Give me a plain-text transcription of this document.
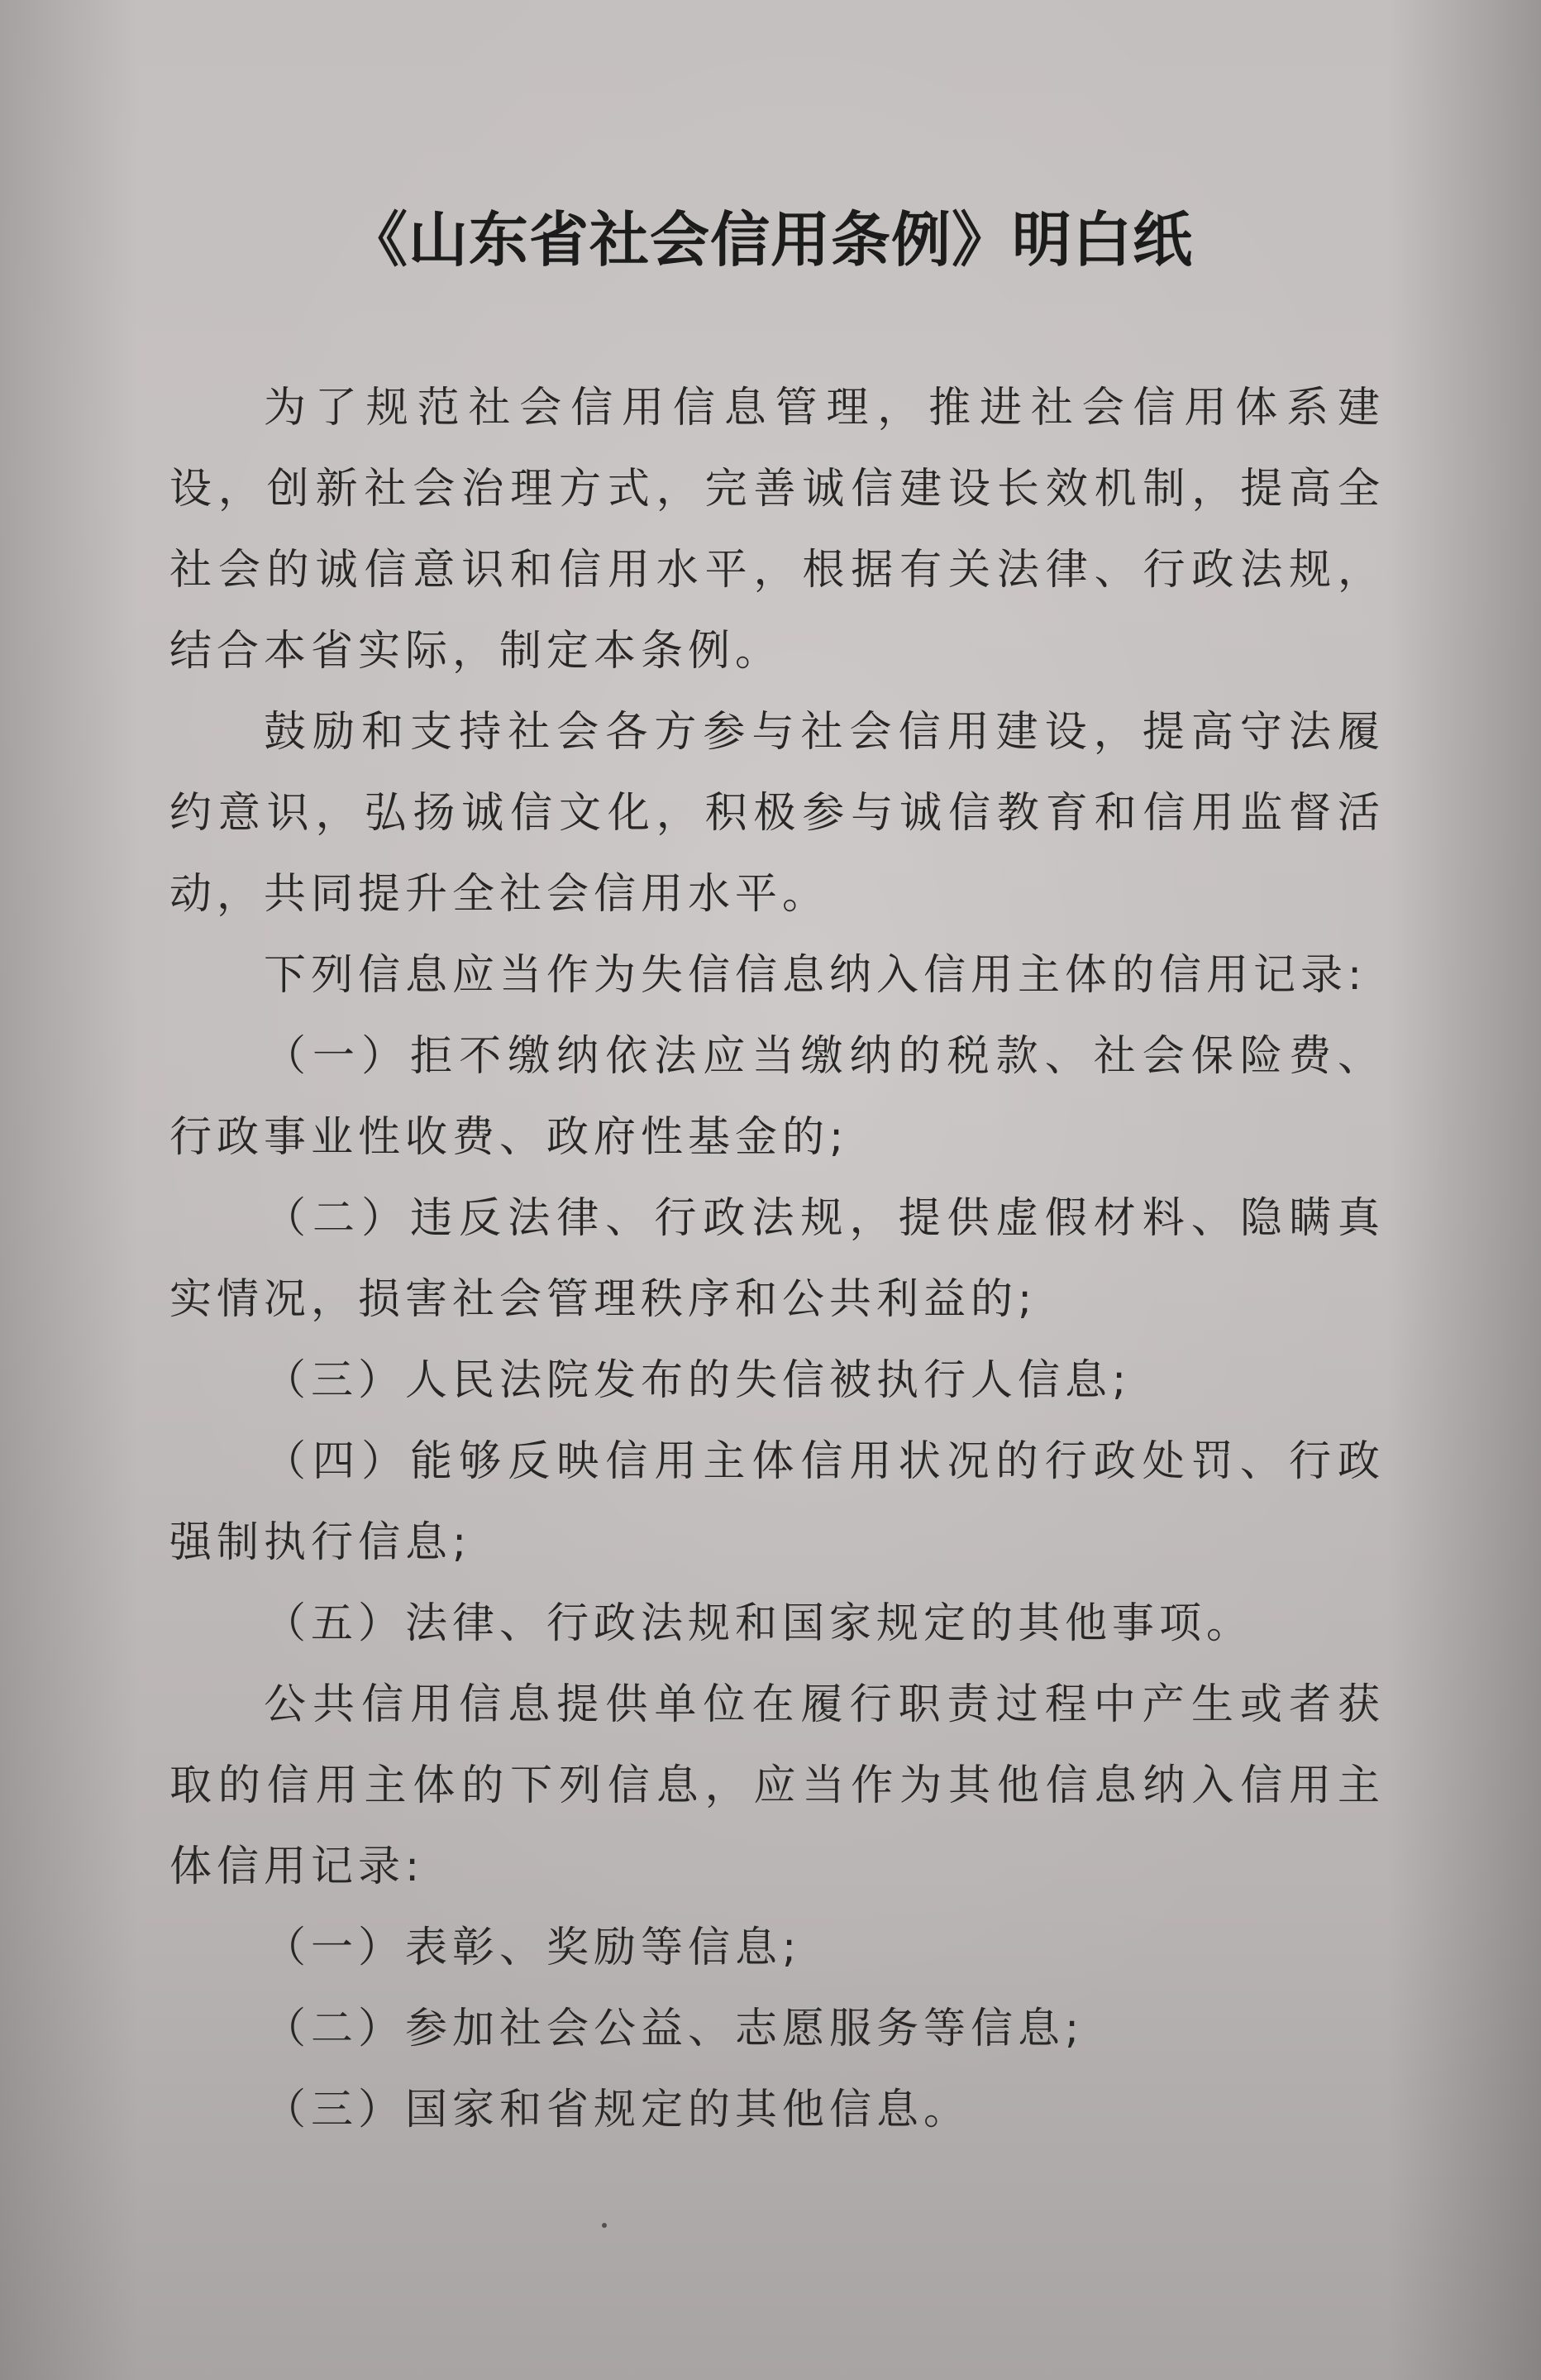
《山东省社会信用条例》明白纸

为了规范社会信用信息管理，推进社会信用体系建设，创新社会治理方式，完善诚信建设长效机制，提高全社会的诚信意识和信用水平，根据有关法律、行政法规，结合本省实际，制定本条例。

鼓励和支持社会各方参与社会信用建设，提高守法履约意识，弘扬诚信文化，积极参与诚信教育和信用监督活动，共同提升全社会信用水平。

下列信息应当作为失信信息纳入信用主体的信用记录:

（一）拒不缴纳依法应当缴纳的税款、社会保险费、行政事业性收费、政府性基金的;

（二）违反法律、行政法规，提供虚假材料、隐瞒真实情况，损害社会管理秩序和公共利益的;

（三）人民法院发布的失信被执行人信息;

（四）能够反映信用主体信用状况的行政处罚、行政强制执行信息;

（五）法律、行政法规和国家规定的其他事项。

公共信用信息提供单位在履行职责过程中产生或者获取的信用主体的下列信息，应当作为其他信息纳入信用主体信用记录:

（一）表彰、奖励等信息;

（二）参加社会公益、志愿服务等信息;

（三）国家和省规定的其他信息。
